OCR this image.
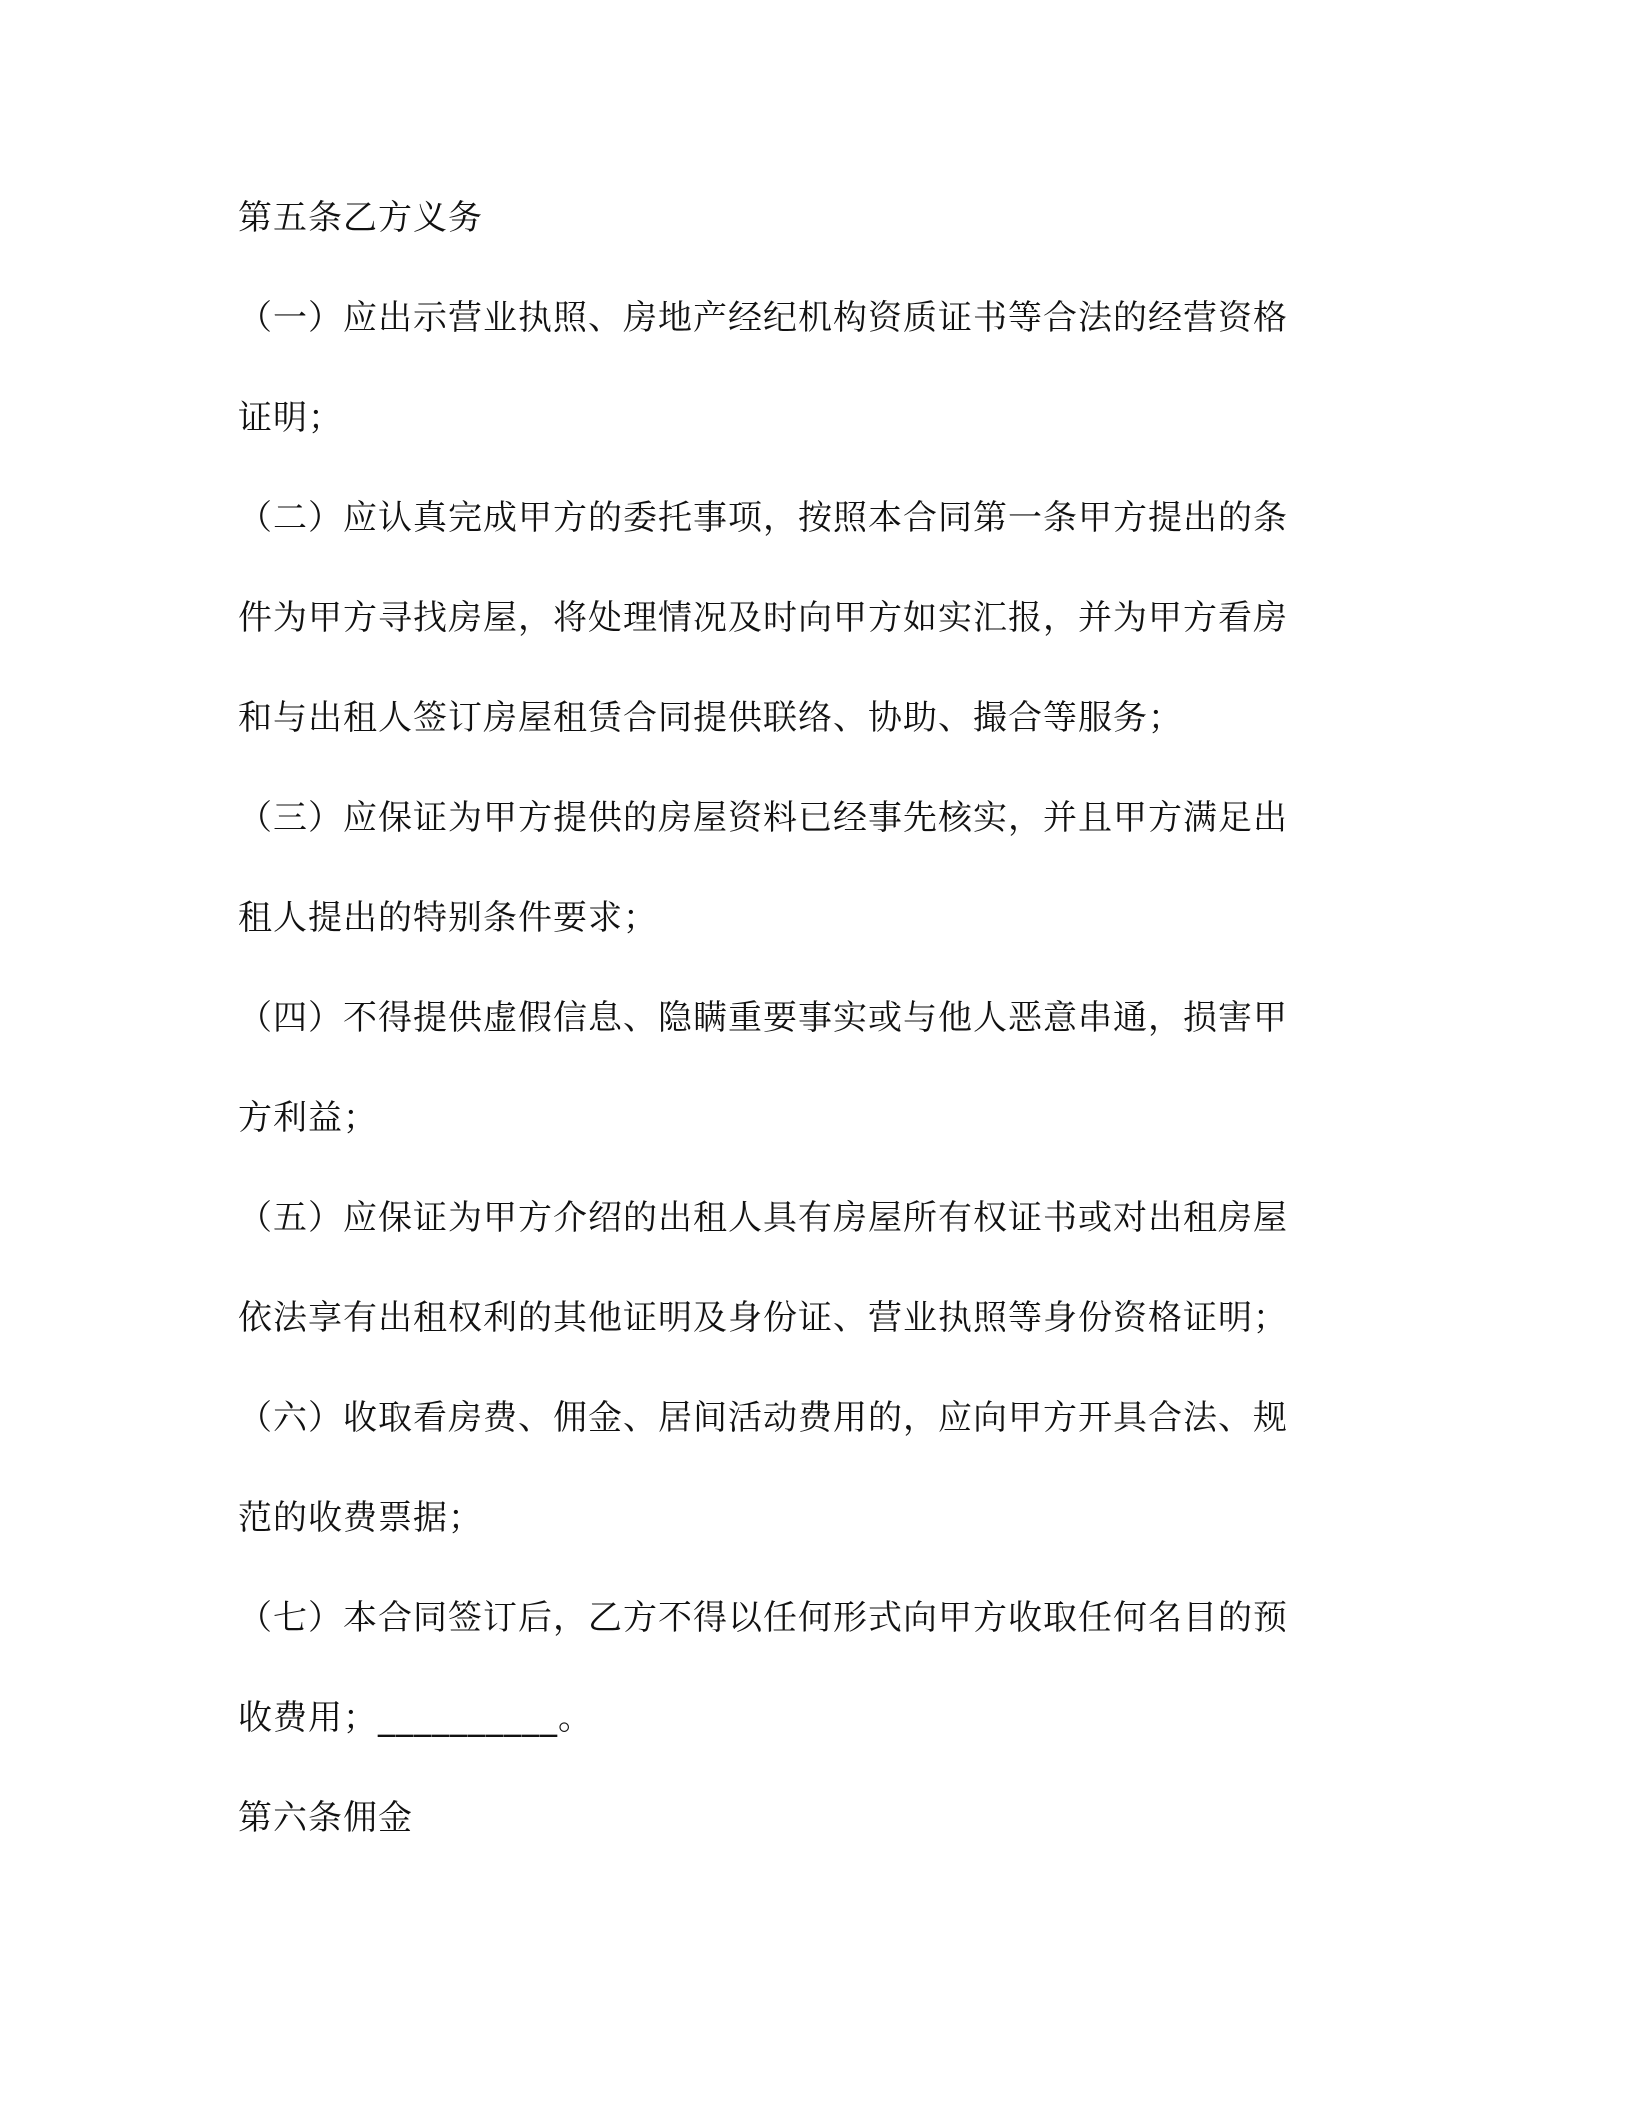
第五条乙方义务

（一）应出示营业执照、房地产经纪机构资质证书等合法的经营资格

证明；

（二）应认真完成甲方的委托事项，按照本合同第一条甲方提出的条

件为甲方寻找房屋，将处理情况及时向甲方如实汇报，并为甲方看房

和与出租人签订房屋租赁合同提供联络、协助、撮合等服务；

（三）应保证为甲方提供的房屋资料已经事先核实，并且甲方满足出

租人提出的特别条件要求；

（四）不得提供虚假信息、隐瞒重要事实或与他人恶意串通，损害甲

方利益；

（五）应保证为甲方介绍的出租人具有房屋所有权证书或对出租房屋

依法享有出租权利的其他证明及身份证、营业执照等身份资格证明；

（六）收取看房费、佣金、居间活动费用的，应向甲方开具合法、规

范的收费票据；

（七）本合同签订后，乙方不得以任何形式向甲方收取任何名目的预

收费用；__________。

第六条佣金
